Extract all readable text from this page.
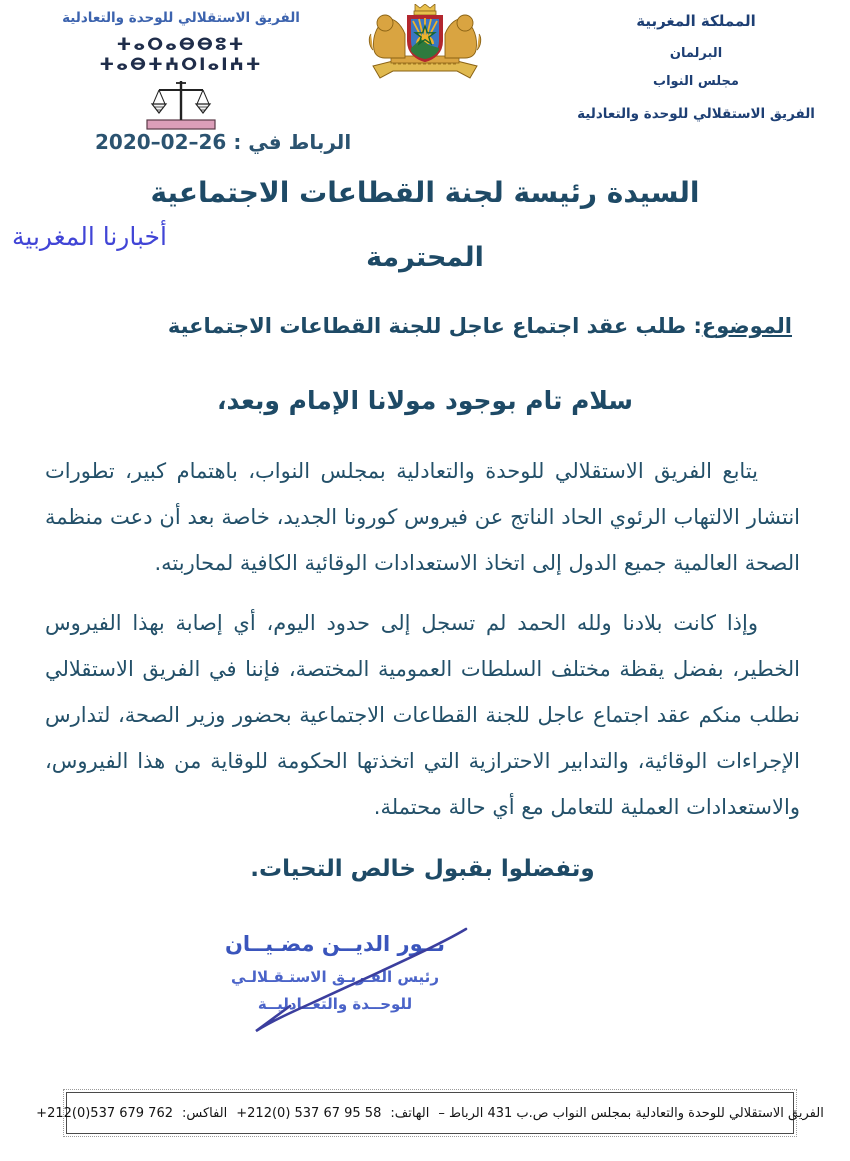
المملكة المغربية
البرلمان
مجلس النواب
الفريق الاستقلالي للوحدة والتعادلية
الفريق الاستقلالي للوحدة والتعادلية
ⵜⴰⵔⴰⴱⴱⵓⵜ ⵜⴰⴱⵜⵄⵔⵏⴰⵏⵄⵜ
الرباط في : 26–02–2020
أخبارنا المغربية
السيدة رئيسة لجنة القطاعات الاجتماعية
المحترمة
الموضوع: طلب عقد اجتماع عاجل للجنة القطاعات الاجتماعية
سلام تام بوجود مولانا الإمام وبعد،

يتابع الفريق الاستقلالي للوحدة والتعادلية بمجلس النواب، باهتمام كبير، تطورات انتشار الالتهاب الرئوي الحاد الناتج عن فيروس كورونا الجديد، خاصة بعد أن دعت منظمة الصحة العالمية جميع الدول إلى اتخاذ الاستعدادات الوقائية الكافية لمحاربته.

وإذا كانت بلادنا ولله الحمد لم تسجل إلى حدود اليوم، أي إصابة بهذا الفيروس الخطير، بفضل يقظة مختلف السلطات العمومية المختصة، فإننا في الفريق الاستقلالي نطلب منكم عقد اجتماع عاجل للجنة القطاعات الاجتماعية بحضور وزير الصحة، لتدارس الإجراءات الوقائية، والتدابير الاحترازية التي اتخذتها الحكومة للوقاية من هذا الفيروس، والاستعدادات العملية للتعامل مع أي حالة محتملة.

وتفضلوا بقبول خالص التحيات.
نــور الديــن مضـيــان
رئيس الفـريـق الاستـقـلالـي
للوحــدة والتعــادليــة
الفريق الاستقلالي للوحدة والتعادلية بمجلس النواب ص.ب 431 الرباط –
الهاتف:
+212(0) 537 67 95 58
الفاكس:
+212(0)537 679 762
